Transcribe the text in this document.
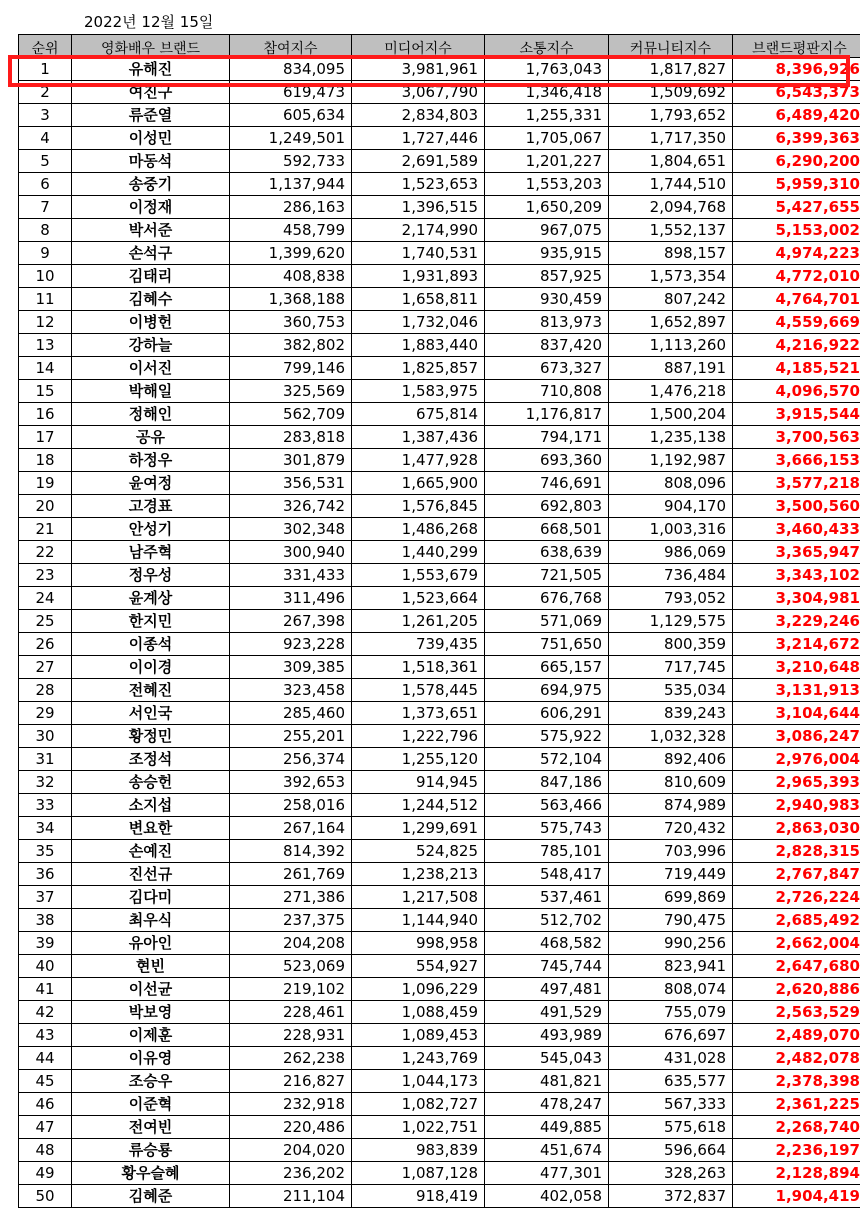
2022년 12월 15일
순위	영화배우 브랜드	참여지수	미디어지수	소통지수	커뮤니티지수	브랜드평판지수
1	유해진	834,095	3,981,961	1,763,043	1,817,827	8,396,926
2	여진구	619,473	3,067,790	1,346,418	1,509,692	6,543,373
3	류준열	605,634	2,834,803	1,255,331	1,793,652	6,489,420
4	이성민	1,249,501	1,727,446	1,705,067	1,717,350	6,399,363
5	마동석	592,733	2,691,589	1,201,227	1,804,651	6,290,200
6	송중기	1,137,944	1,523,653	1,553,203	1,744,510	5,959,310
7	이정재	286,163	1,396,515	1,650,209	2,094,768	5,427,655
8	박서준	458,799	2,174,990	967,075	1,552,137	5,153,002
9	손석구	1,399,620	1,740,531	935,915	898,157	4,974,223
10	김태리	408,838	1,931,893	857,925	1,573,354	4,772,010
11	김혜수	1,368,188	1,658,811	930,459	807,242	4,764,701
12	이병헌	360,753	1,732,046	813,973	1,652,897	4,559,669
13	강하늘	382,802	1,883,440	837,420	1,113,260	4,216,922
14	이서진	799,146	1,825,857	673,327	887,191	4,185,521
15	박해일	325,569	1,583,975	710,808	1,476,218	4,096,570
16	정해인	562,709	675,814	1,176,817	1,500,204	3,915,544
17	공유	283,818	1,387,436	794,171	1,235,138	3,700,563
18	하정우	301,879	1,477,928	693,360	1,192,987	3,666,153
19	윤여정	356,531	1,665,900	746,691	808,096	3,577,218
20	고경표	326,742	1,576,845	692,803	904,170	3,500,560
21	안성기	302,348	1,486,268	668,501	1,003,316	3,460,433
22	남주혁	300,940	1,440,299	638,639	986,069	3,365,947
23	정우성	331,433	1,553,679	721,505	736,484	3,343,102
24	윤계상	311,496	1,523,664	676,768	793,052	3,304,981
25	한지민	267,398	1,261,205	571,069	1,129,575	3,229,246
26	이종석	923,228	739,435	751,650	800,359	3,214,672
27	이이경	309,385	1,518,361	665,157	717,745	3,210,648
28	전혜진	323,458	1,578,445	694,975	535,034	3,131,913
29	서인국	285,460	1,373,651	606,291	839,243	3,104,644
30	황정민	255,201	1,222,796	575,922	1,032,328	3,086,247
31	조정석	256,374	1,255,120	572,104	892,406	2,976,004
32	송승헌	392,653	914,945	847,186	810,609	2,965,393
33	소지섭	258,016	1,244,512	563,466	874,989	2,940,983
34	변요한	267,164	1,299,691	575,743	720,432	2,863,030
35	손예진	814,392	524,825	785,101	703,996	2,828,315
36	진선규	261,769	1,238,213	548,417	719,449	2,767,847
37	김다미	271,386	1,217,508	537,461	699,869	2,726,224
38	최우식	237,375	1,144,940	512,702	790,475	2,685,492
39	유아인	204,208	998,958	468,582	990,256	2,662,004
40	현빈	523,069	554,927	745,744	823,941	2,647,680
41	이선균	219,102	1,096,229	497,481	808,074	2,620,886
42	박보영	228,461	1,088,459	491,529	755,079	2,563,529
43	이제훈	228,931	1,089,453	493,989	676,697	2,489,070
44	이유영	262,238	1,243,769	545,043	431,028	2,482,078
45	조승우	216,827	1,044,173	481,821	635,577	2,378,398
46	이준혁	232,918	1,082,727	478,247	567,333	2,361,225
47	전여빈	220,486	1,022,751	449,885	575,618	2,268,740
48	류승룡	204,020	983,839	451,674	596,664	2,236,197
49	황우슬혜	236,202	1,087,128	477,301	328,263	2,128,894
50	김혜준	211,104	918,419	402,058	372,837	1,904,419
